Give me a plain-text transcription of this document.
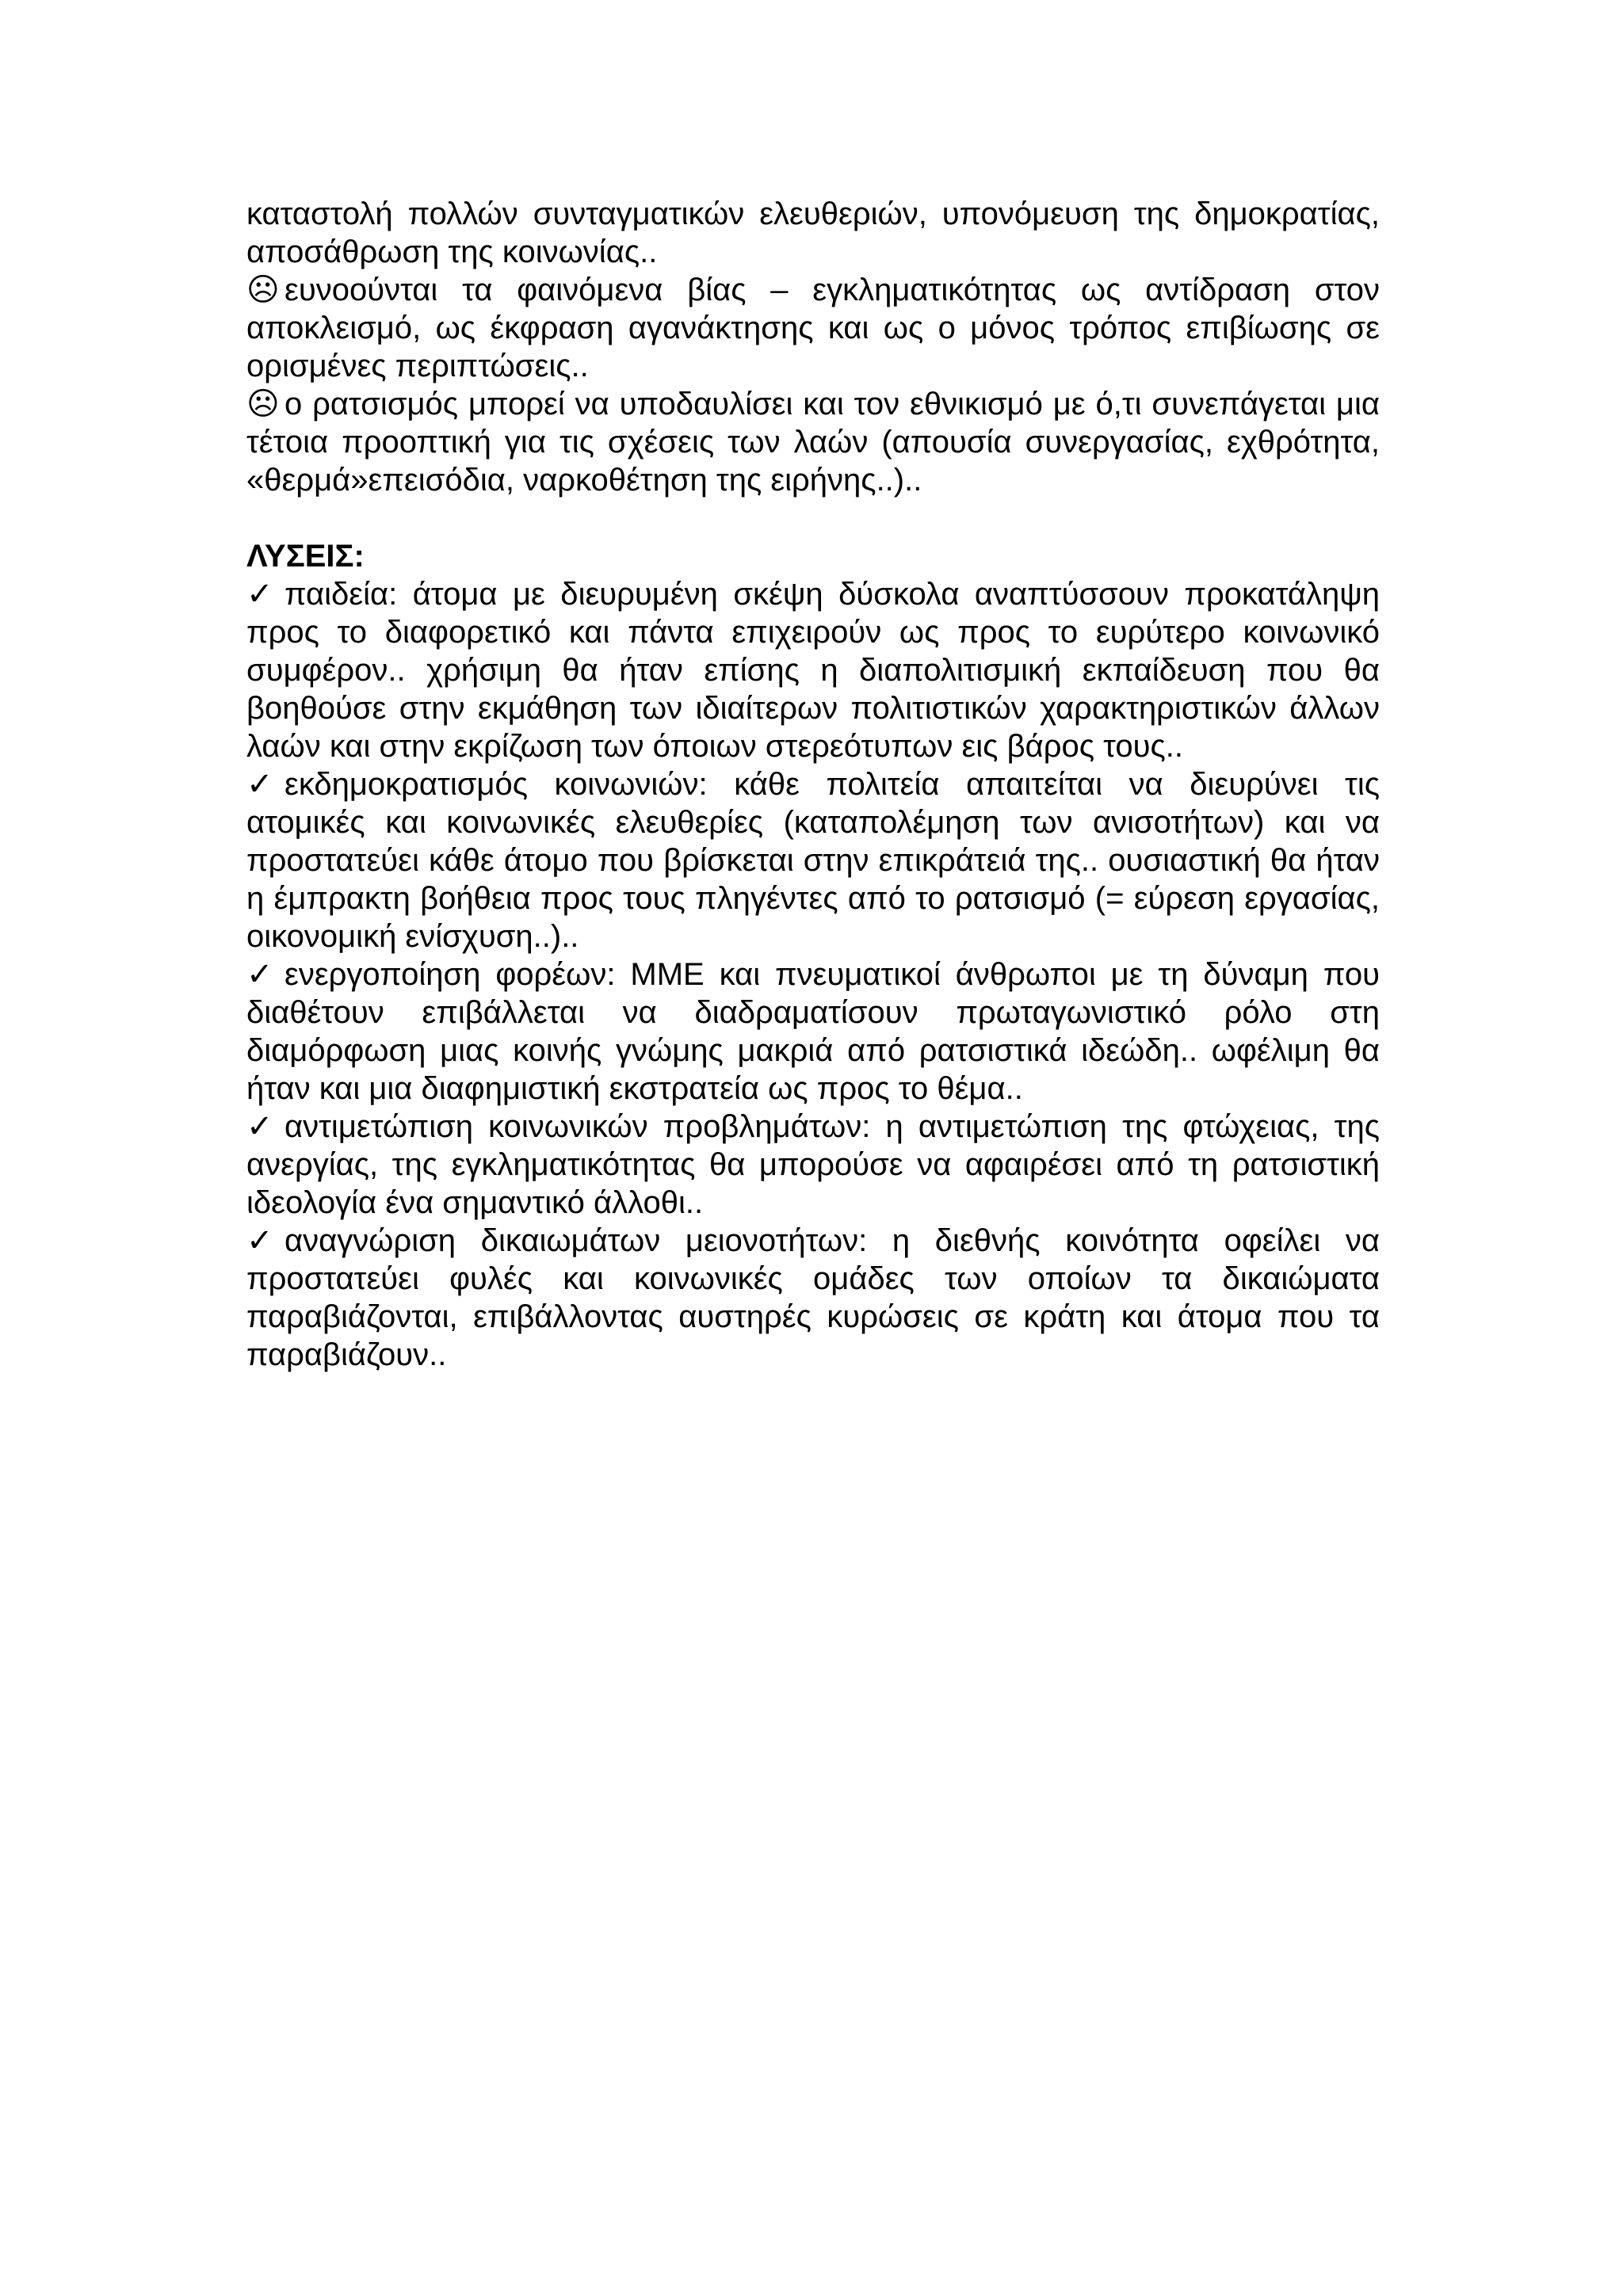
καταστολή πολλών συνταγματικών ελευθεριών, υπονόμευση της δημοκρατίας, αποσάθρωση της κοινωνίας..

☹ ευνοούνται τα φαινόμενα βίας – εγκληματικότητας ως αντίδραση στον αποκλεισμό, ως έκφραση αγανάκτησης και ως ο μόνος τρόπος επιβίωσης σε ορισμένες περιπτώσεις..

☹ ο ρατσισμός μπορεί να υποδαυλίσει και τον εθνικισμό με ό,τι συνεπάγεται μια τέτοια προοπτική για τις σχέσεις των λαών (απουσία συνεργασίας, εχθρότητα, «θερμά»επεισόδια, ναρκοθέτηση της ειρήνης..)..

ΛΥΣΕΙΣ:

✓ παιδεία: άτομα με διευρυμένη σκέψη δύσκολα αναπτύσσουν προκατάληψη προς το διαφορετικό και πάντα επιχειρούν ως προς το ευρύτερο κοινωνικό συμφέρον.. χρήσιμη θα ήταν επίσης η διαπολιτισμική εκπαίδευση που θα βοηθούσε στην εκμάθηση των ιδιαίτερων πολιτιστικών χαρακτηριστικών άλλων λαών και στην εκρίζωση των όποιων στερεότυπων εις βάρος τους..

✓ εκδημοκρατισμός κοινωνιών: κάθε πολιτεία απαιτείται να διευρύνει τις ατομικές και κοινωνικές ελευθερίες (καταπολέμηση των ανισοτήτων) και να προστατεύει κάθε άτομο που βρίσκεται στην επικράτειά της.. ουσιαστική θα ήταν η έμπρακτη βοήθεια προς τους πληγέντες από το ρατσισμό (= εύρεση εργασίας, οικονομική ενίσχυση..)..

✓ ενεργοποίηση φορέων: ΜΜΕ και πνευματικοί άνθρωποι με τη δύναμη που διαθέτουν επιβάλλεται να διαδραματίσουν πρωταγωνιστικό ρόλο στη διαμόρφωση μιας κοινής γνώμης μακριά από ρατσιστικά ιδεώδη.. ωφέλιμη θα ήταν και μια διαφημιστική εκστρατεία ως προς το θέμα..

✓ αντιμετώπιση κοινωνικών προβλημάτων: η αντιμετώπιση της φτώχειας, της ανεργίας, της εγκληματικότητας θα μπορούσε να αφαιρέσει από τη ρατσιστική ιδεολογία ένα σημαντικό άλλοθι..

✓ αναγνώριση δικαιωμάτων μειονοτήτων: η διεθνής κοινότητα οφείλει να προστατεύει φυλές και κοινωνικές ομάδες των οποίων τα δικαιώματα παραβιάζονται, επιβάλλοντας αυστηρές κυρώσεις σε κράτη και άτομα που τα παραβιάζουν..
